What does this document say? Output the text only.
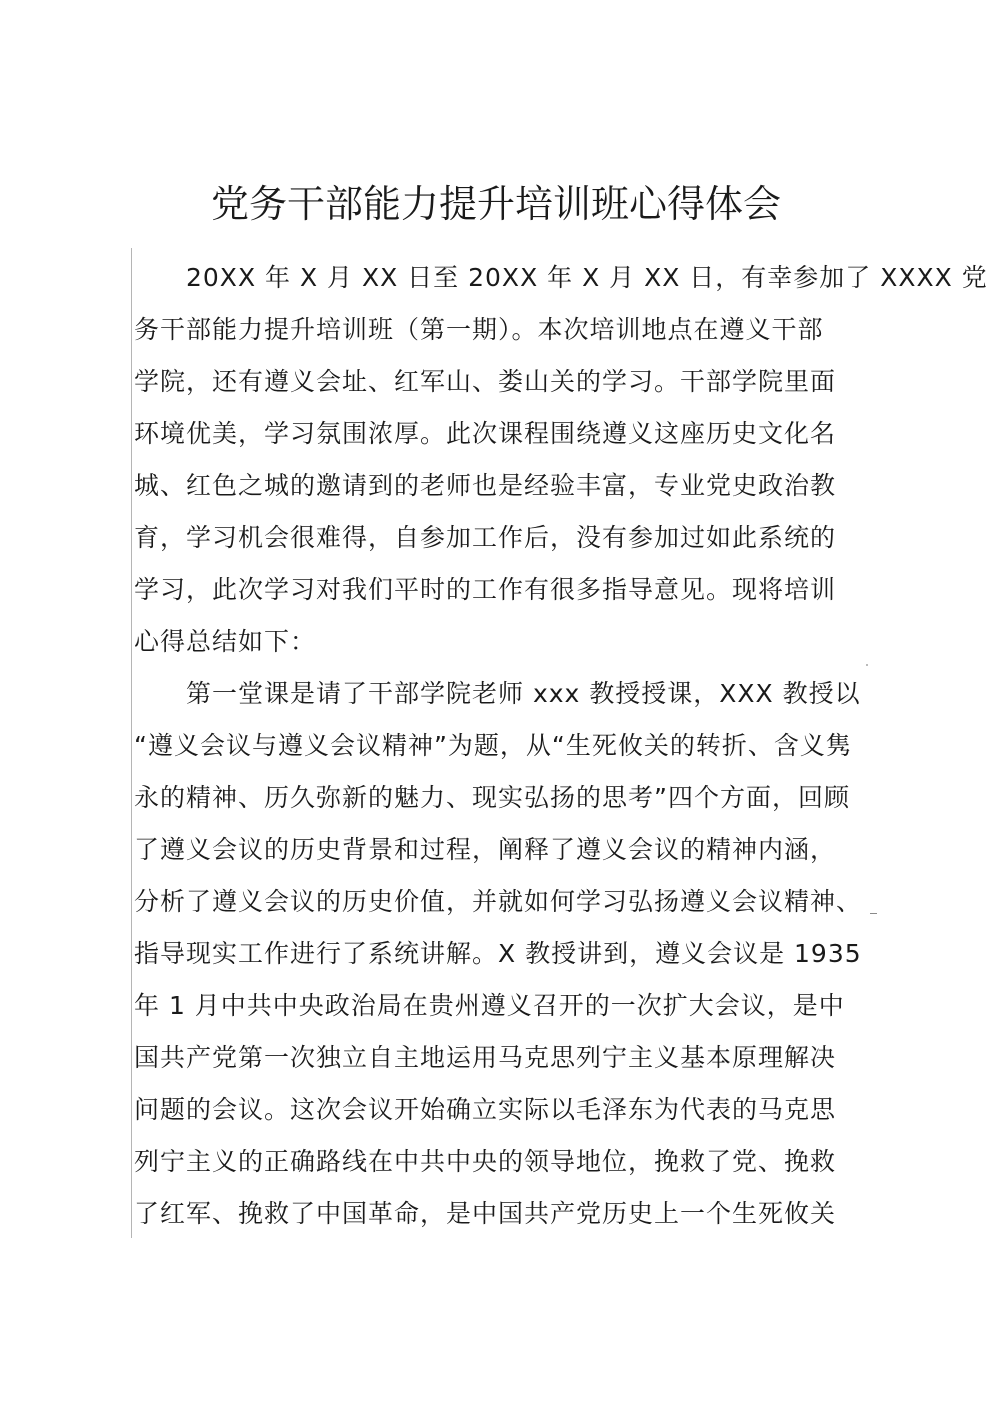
党务干部能力提升培训班心得体会
20XX 年 X 月 XX 日至 20XX 年 X 月 XX 日，有幸参加了 XXXX 党
务干部能力提升培训班（第一期）。本次培训地点在遵义干部
学院，还有遵义会址、红军山、娄山关的学习。干部学院里面
环境优美，学习氛围浓厚。此次课程围绕遵义这座历史文化名
城、红色之城的邀请到的老师也是经验丰富，专业党史政治教
育，学习机会很难得，自参加工作后，没有参加过如此系统的
学习，此次学习对我们平时的工作有很多指导意见。现将培训
心得总结如下：
第一堂课是请了干部学院老师 xxx 教授授课，XXX 教授以
“遵义会议与遵义会议精神”为题，从“生死攸关的转折、含义隽
永的精神、历久弥新的魅力、现实弘扬的思考”四个方面，回顾
了遵义会议的历史背景和过程，阐释了遵义会议的精神内涵，
分析了遵义会议的历史价值，并就如何学习弘扬遵义会议精神、
指导现实工作进行了系统讲解。X 教授讲到，遵义会议是 1935
年 1 月中共中央政治局在贵州遵义召开的一次扩大会议，是中
国共产党第一次独立自主地运用马克思列宁主义基本原理解决
问题的会议。这次会议开始确立实际以毛泽东为代表的马克思
列宁主义的正确路线在中共中央的领导地位，挽救了党、挽救
了红军、挽救了中国革命，是中国共产党历史上一个生死攸关
